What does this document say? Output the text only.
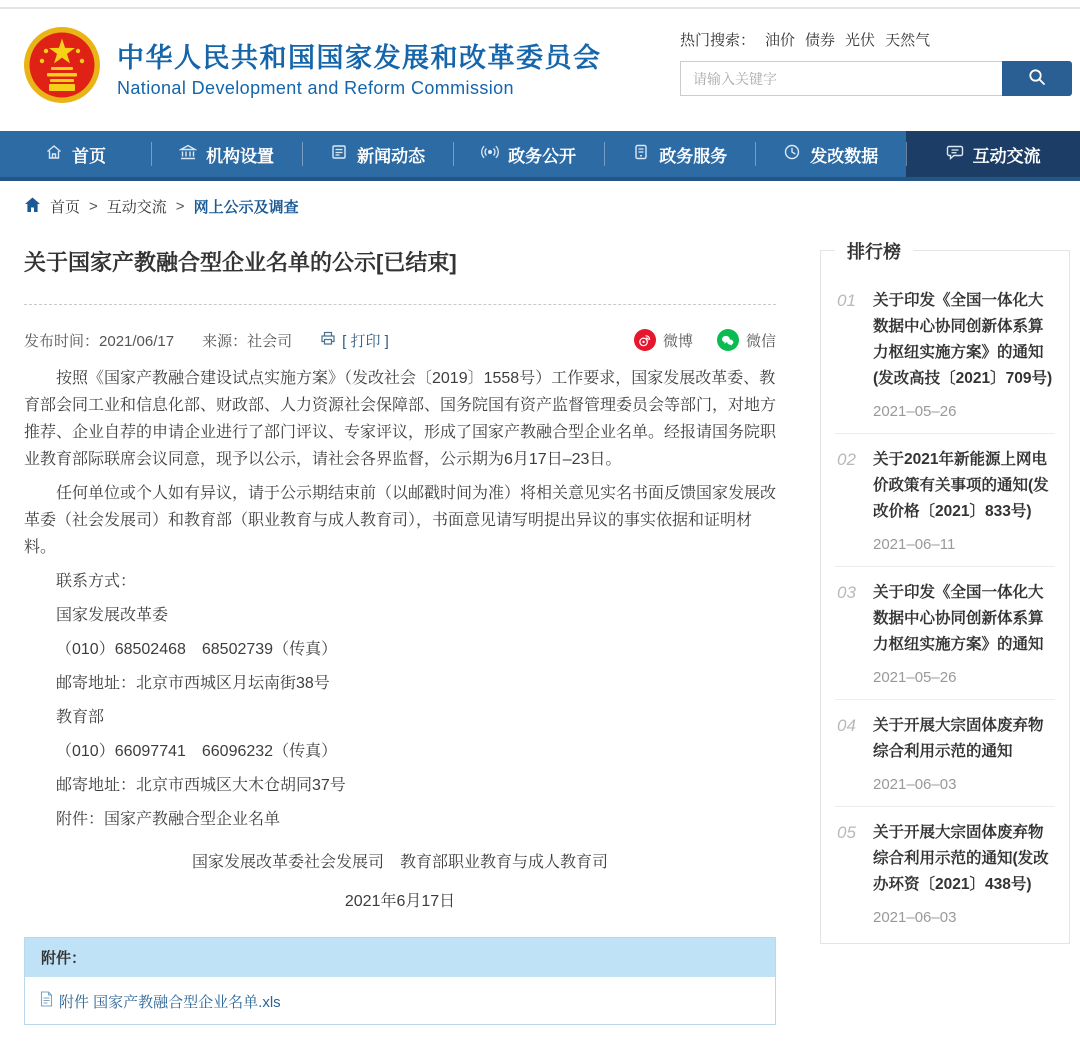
中华人民共和国国家发展和改革委员会
National Development and Reform Commission
热门搜索： 油价 债券 光伏 天然气
请输入关键字
首页	机构设置	新闻动态	政务公开	政务服务	发改数据	互动交流
首页 > 互动交流 > 网上公示及调查
关于国家产教融合型企业名单的公示[已结束]
发布时间：2021/06/17 来源：社会司	[ 打印 ]	微博	微信

按照《国家产教融合建设试点实施方案》（发改社会〔2019〕1558号）工作要求，国家发展改革委、教育部会同工业和信息化部、财政部、人力资源社会保障部、国务院国有资产监督管理委员会等部门，对地方推荐、企业自荐的申请企业进行了部门评议、专家评议，形成了国家产教融合型企业名单。经报请国务院职业教育部际联席会议同意，现予以公示，请社会各界监督，公示期为6月17日–23日。

任何单位或个人如有异议，请于公示期结束前（以邮戳时间为准）将相关意见实名书面反馈国家发展改革委（社会发展司）和教育部（职业教育与成人教育司），书面意见请写明提出异议的事实依据和证明材料。

联系方式：

国家发展改革委

（010）68502468　68502739（传真）

邮寄地址：北京市西城区月坛南街38号

教育部

（010）66097741　66096232（传真）

邮寄地址：北京市西城区大木仓胡同37号

附件：国家产教融合型企业名单

国家发展改革委社会发展司　教育部职业教育与成人教育司
2021年6月17日
附件：
附件 国家产教融合型企业名单.xls
排行榜
01	关于印发《全国一体化大数据中心协同创新体系算力枢纽实施方案》的通知(发改高技〔2021〕709号)
2021–05–26
02	关于2021年新能源上网电价政策有关事项的通知(发改价格〔2021〕833号)
2021–06–11
03	关于印发《全国一体化大数据中心协同创新体系算力枢纽实施方案》的通知
2021–05–26
04	关于开展大宗固体废弃物综合利用示范的通知
2021–06–03
05	关于开展大宗固体废弃物综合利用示范的通知(发改办环资〔2021〕438号)
2021–06–03
